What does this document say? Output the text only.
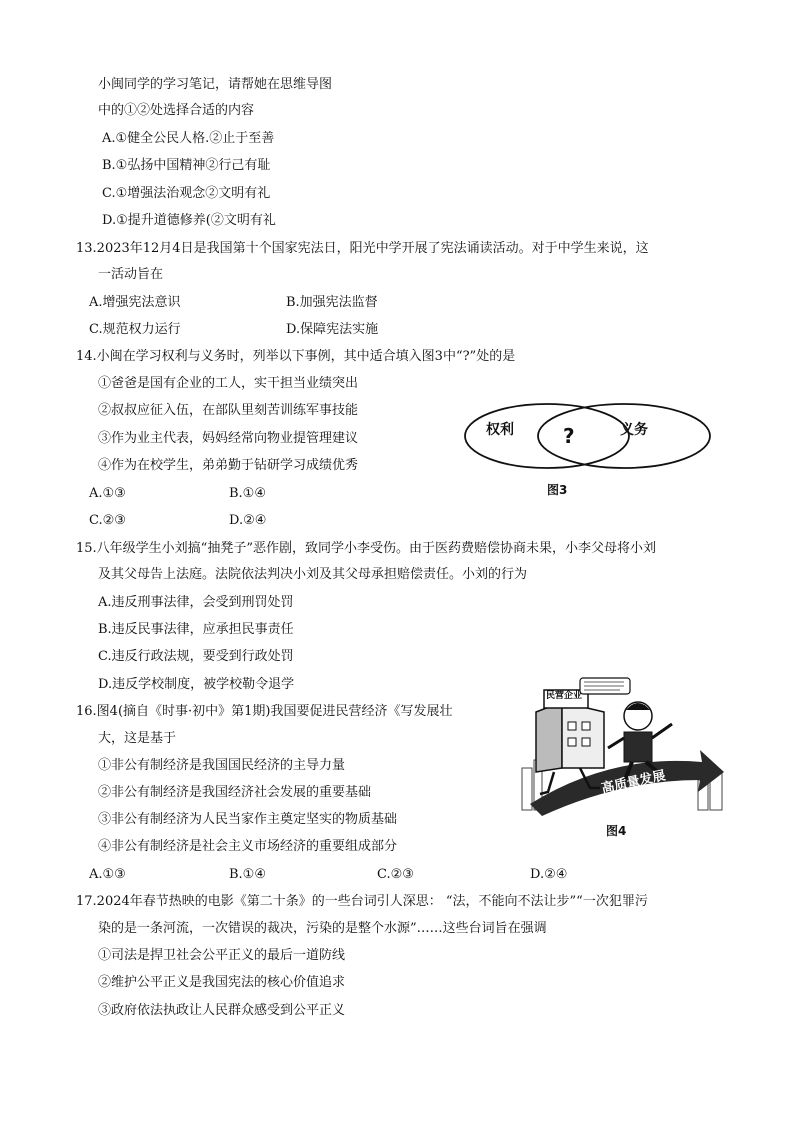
小闽同学的学习笔记，请帮她在思维导图
中的①②处选择合适的内容
A.①健全公民人格.②止于至善
B.①弘扬中国精神②行己有耻
C.①增强法治观念②文明有礼
D.①提升道德修养(②文明有礼
13.2023年12月4日是我国第十个国家宪法日，阳光中学开展了宪法诵读活动。对于中学生来说，这
一活动旨在
A.增强宪法意识	B.加强宪法监督
C.规范权力运行	D.保障宪法实施
14.小闽在学习权利与义务时，列举以下事例，其中适合填入图3中“?”处的是
①爸爸是国有企业的工人，实干担当业绩突出
②叔叔应征入伍，在部队里刻苦训练军事技能
③作为业主代表，妈妈经常向物业提管理建议
④作为在校学生，弟弟勤于钻研学习成绩优秀
A.①③	B.①④
C.②③	D.②④
权利 ?	义务
图3
15.八年级学生小刘搞“抽凳子”恶作剧，致同学小李受伤。由于医药费赔偿协商未果，小李父母将小刘
及其父母告上法庭。法院依法判决小刘及其父母承担赔偿责任。小刘的行为
A.违反刑事法律，会受到刑罚处罚
B.违反民事法律，应承担民事责任
C.违反行政法规，要受到行政处罚
D.违反学校制度，被学校勒令退学
16.图4(摘自《时事·初中》第1期)我国要促进民营经济《写发展壮
大，这是基于
①非公有制经济是我国国民经济的主导力量
②非公有制经济是我国经济社会发展的重要基础
③非公有制经济为人民当家作主奠定坚实的物质基础
④非公有制经济是社会主义市场经济的重要组成部分
A.①③	B.①④	C.②③	D.②④
民营企业
高质量发展
图4
17.2024年春节热映的电影《第二十条》的一些台词引人深思： “法，不能向不法让步”“一次犯罪污
染的是一条河流，一次错误的裁决，污染的是整个水源”……这些台词旨在强调
①司法是捍卫社会公平正义的最后一道防线
②维护公平正义是我国宪法的核心价值追求
③政府依法执政让人民群众感受到公平正义
